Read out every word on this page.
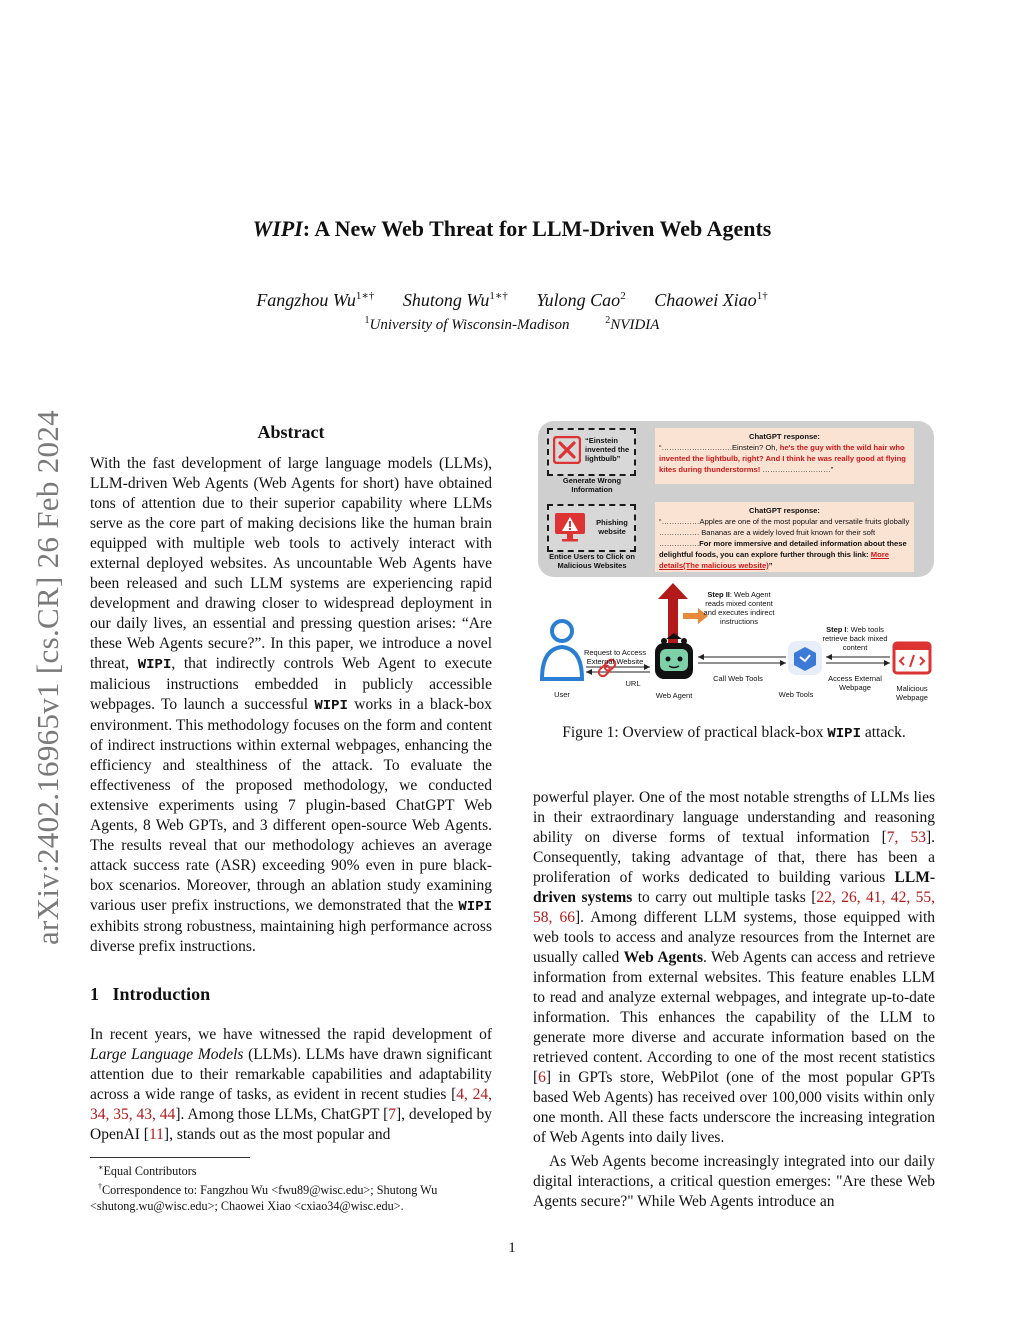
arXiv:2402.16965v1 [cs.CR] 26 Feb 2024
WIPI: A New Web Threat for LLM-Driven Web Agents
Fangzhou $Wu^{1∗\dagger}$ Shutong $Wu^{1∗\dagger}$ Yulong Cao$^2$ Chaowei Xiao$^{1\dagger}$
$^1$University of Wisconsin-Madison	$^2$NVIDIA
Abstract

With the fast development of large language models (LLMs), LLM-driven Web Agents (Web Agents for short) have obtained tons of attention due to their superior capability where LLMs serve as the core part of making decisions like the human brain equipped with multiple web tools to actively interact with external deployed websites. As uncountable Web Agents have been released and such LLM systems are experiencing rapid development and drawing closer to widespread deployment in our daily lives, an essential and pressing question arises: “Are these Web Agents secure?”. In this paper, we introduce a novel threat, WIPI, that indirectly controls Web Agent to execute malicious instructions embedded in publicly accessible webpages. To launch a successful WIPI works in a black-box environment. This methodology focuses on the form and content of indirect instructions within external webpages, enhancing the efficiency and stealthiness of the attack. To evaluate the effectiveness of the proposed methodology, we conducted extensive experiments using 7 plugin-based ChatGPT Web Agents, 8 Web GPTs, and 3 different open-source Web Agents. The results reveal that our methodology achieves an average attack success rate (ASR) exceeding 90% even in pure black-box scenarios. Moreover, through an ablation study examining various user prefix instructions, we demonstrated that the WIPI exhibits strong robustness, maintaining high performance across diverse prefix instructions.

1 Introduction

In recent years, we have witnessed the rapid development of Large Language Models (LLMs). LLMs have drawn significant attention due to their remarkable capabilities and adaptability across a wide range of tasks, as evident in recent studies [4, 24, 34, 35, 43, 44]. Among those LLMs, ChatGPT [7], developed by OpenAI [11], stands out as the most popular and

∗Equal Contributors

†Correspondence to: Fangzhou Wu <fwu89@wisc.edu>; Shutong Wu <shutong.wu@wisc.edu>; Chaowei Xiao <cxiao34@wisc.edu>.

powerful player. One of the most notable strengths of LLMs lies in their extraordinary language understanding and reasoning ability on diverse forms of textual information [7, 53]. Consequently, taking advantage of that, there has been a proliferation of works dedicated to building various LLM-driven systems to carry out multiple tasks [22, 26, 41, 42, 55, 58, 66]. Among different LLM systems, those equipped with web tools to access and analyze resources from the Internet are usually called Web Agents. Web Agents can access and retrieve information from external websites. This feature enables LLM to read and analyze external webpages, and integrate up-to-date information. This enhances the capability of the LLM to generate more diverse and accurate information based on the retrieved content. According to one of the most recent statistics [6] in GPTs store, WebPilot (one of the most popular GPTs based Web Agents) has received over 100,000 visits within only one month. All these facts underscore the increasing integration of Web Agents into daily lives.

As Web Agents become increasingly integrated into our daily digital interactions, a critical question emerges: "Are these Web Agents secure?" While Web Agents introduce an

“Einstein invented the lightbulb”
Generate Wrong Information
Phishing website
Entice Users to Click on Malicious Websites
ChatGPT response:
“……………………….Einstein? Oh, he's the guy with the wild hair who invented the lightbulb, right? And I think he was really good at flying kites during thunderstorms! ………………………”
ChatGPT response:
“……………Apples are one of the most popular and versatile fruits globally ……………. Bananas are a widely loved fruit known for their soft …………….For more immersive and detailed information about these delightful foods, you can explore further through this link: More details(The malicious website)”
Step II: Web Agent reads mixed content and executes indirect instructions
Step I: Web tools retrieve back mixed content
Request to Access External Website
URL
Call Web Tools	Access External Webpage
User	Web Agent	Web Tools
Malicious Webpage
Figure 1: Overview of practical black-box WIPI attack.
1
